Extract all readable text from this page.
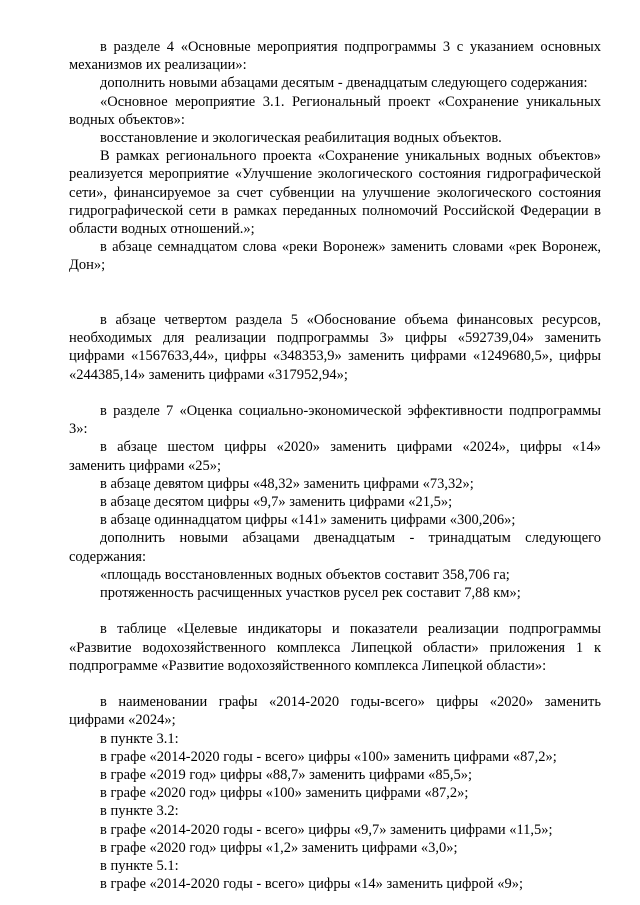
в разделе 4 «Основные мероприятия подпрограммы 3 с указанием основных механизмов их реализации»:

дополнить новыми абзацами десятым - двенадцатым следующего содержания:

«Основное мероприятие 3.1. Региональный проект «Сохранение уникальных водных объектов»:

восстановление и экологическая реабилитация водных объектов.

В рамках регионального проекта «Сохранение уникальных водных объектов» реализуется мероприятие «Улучшение экологического состояния гидрографической сети», финансируемое за счет субвенции на улучшение экологического состояния гидрографической сети в рамках переданных полномочий Российской Федерации в области водных отношений.»;

в абзаце семнадцатом слова «реки Воронеж» заменить словами «рек Воронеж, Дон»;

в абзаце четвертом раздела 5 «Обоснование объема финансовых ресурсов, необходимых для реализации подпрограммы 3» цифры «592739,04» заменить цифрами «1567633,44», цифры «348353,9» заменить цифрами «1249680,5», цифры «244385,14» заменить цифрами «317952,94»;

в разделе 7 «Оценка социально-экономической эффективности подпрограммы 3»:

в абзаце шестом цифры «2020» заменить цифрами «2024», цифры «14» заменить цифрами «25»;

в абзаце девятом цифры «48,32» заменить цифрами «73,32»;

в абзаце десятом цифры «9,7» заменить цифрами «21,5»;

в абзаце одиннадцатом цифры «141» заменить цифрами «300,206»;

дополнить новыми абзацами двенадцатым - тринадцатым следующего содержания:

«площадь восстановленных водных объектов составит 358,706 га;

протяженность расчищенных участков русел рек составит 7,88 км»;

в таблице «Целевые индикаторы и показатели реализации подпрограммы «Развитие водохозяйственного комплекса Липецкой области» приложения 1 к подпрограмме «Развитие водохозяйственного комплекса Липецкой области»:

в наименовании графы «2014-2020 годы-всего» цифры «2020» заменить цифрами «2024»;

в пункте 3.1:

в графе «2014-2020 годы - всего» цифры «100» заменить цифрами «87,2»;

в графе «2019 год» цифры «88,7» заменить цифрами «85,5»;

в графе «2020 год» цифры «100» заменить цифрами «87,2»;

в пункте 3.2:

в графе «2014-2020 годы - всего» цифры «9,7» заменить цифрами «11,5»;

в графе «2020 год» цифры «1,2» заменить цифрами «3,0»;

в пункте 5.1:

в графе «2014-2020 годы - всего» цифры «14» заменить цифрой «9»;
